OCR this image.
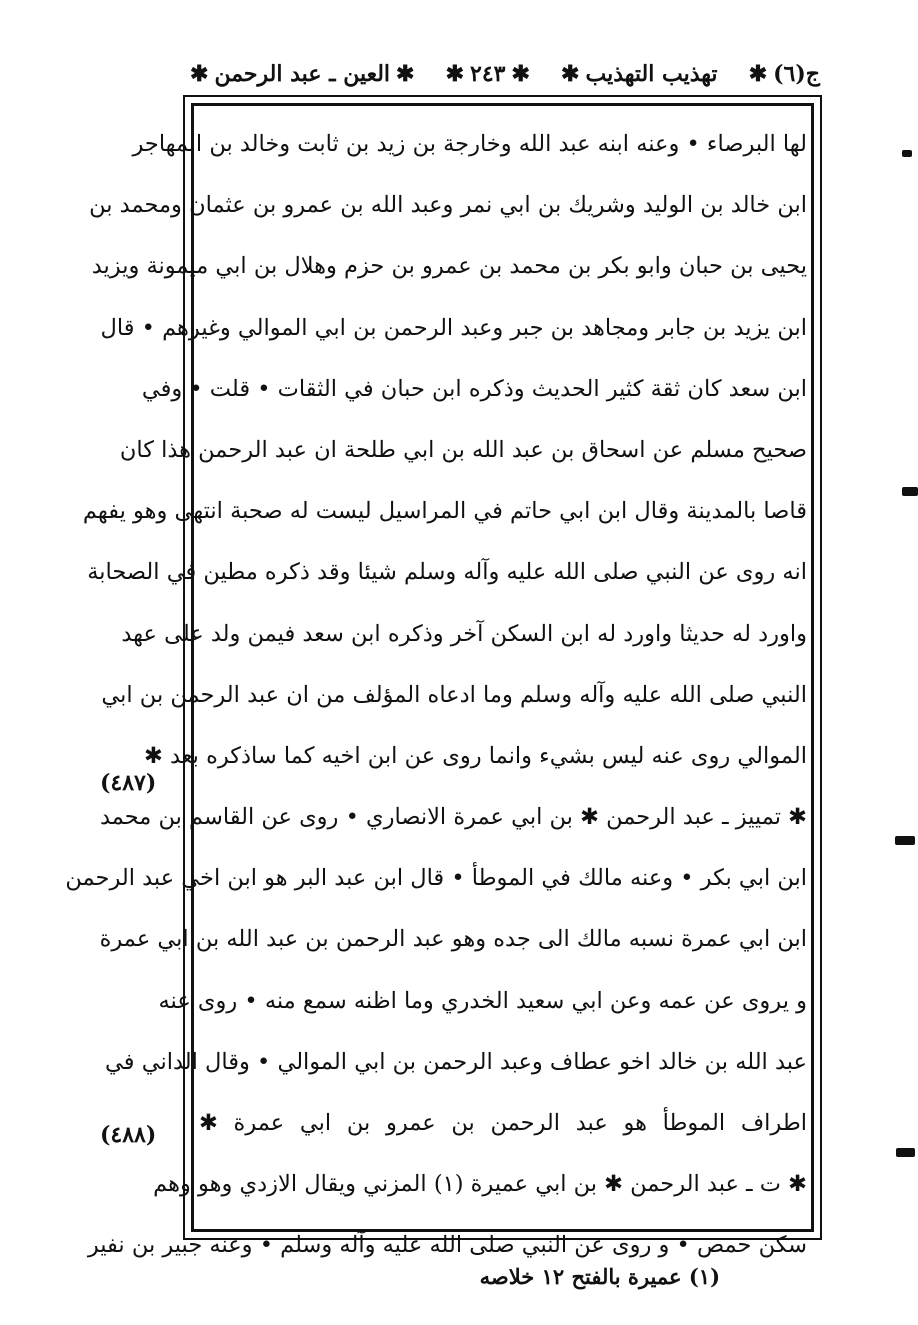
ج(٦)
✱
تهذيب التهذيب
✱
✱
٢٤٣
✱
✱
العين ـ عبد الرحمن
✱
لها البرصاء • وعنه ابنه عبد الله وخارجة بن زيد بن ثابت وخالد بن المهاجر
ابن خالد بن الوليد وشريك بن ابي نمر وعبد الله بن عمرو بن عثمان ومحمد بن
يحيى بن حبان وابو بكر بن محمد بن عمرو بن حزم وهلال بن ابي ميمونة ويزيد
ابن يزيد بن جابر ومجاهد بن جبر وعبد الرحمن بن ابي الموالي وغيرهم • قال
ابن سعد كان ثقة كثير الحديث وذكره ابن حبان في الثقات • قلت • وفي
صحيح مسلم عن اسحاق بن عبد الله بن ابي طلحة ان عبد الرحمن هذا كان
قاصا بالمدينة وقال ابن ابي حاتم في المراسيل ليست له صحبة انتهى وهو يفهم
انه روى عن النبي صلى الله عليه وآله وسلم شيئا وقد ذكره مطين في الصحابة
واورد له حديثا واورد له ابن السكن آخر وذكره ابن سعد فيمن ولد على عهد
النبي صلى الله عليه وآله وسلم وما ادعاه المؤلف من ان عبد الرحمن بن ابي
الموالي روى عنه ليس بشيء وانما روى عن ابن اخيه كما ساذكره بعد ✱
✱ تمييز ـ عبد الرحمن ✱ بن ابي عمرة الانصاري • روى عن القاسم بن محمد
ابن ابي بكر • وعنه مالك في الموطأ • قال ابن عبد البر هو ابن اخي عبد الرحمن
ابن ابي عمرة نسبه مالك الى جده وهو عبد الرحمن بن عبد الله بن ابي عمرة
و يروى عن عمه وعن ابي سعيد الخدري وما اظنه سمع منه • روى عنه
عبد الله بن خالد اخو عطاف وعبد الرحمن بن ابي الموالي • وقال الداني في
اطراف الموطأ هو عبد الرحمن بن عمرو بن ابي عمرة ✱
✱ ت ـ عبد الرحمن ✱ بن ابي عميرة (١) المزني ويقال الازدي وهو وهم
سكن حمص • و روى عن النبي صلى الله عليه وآله وسلم • وعنه جبير بن نفير
(٤٨٧)
(٤٨٨)
(١) عميرة بالفتح ١٢ خلاصه
